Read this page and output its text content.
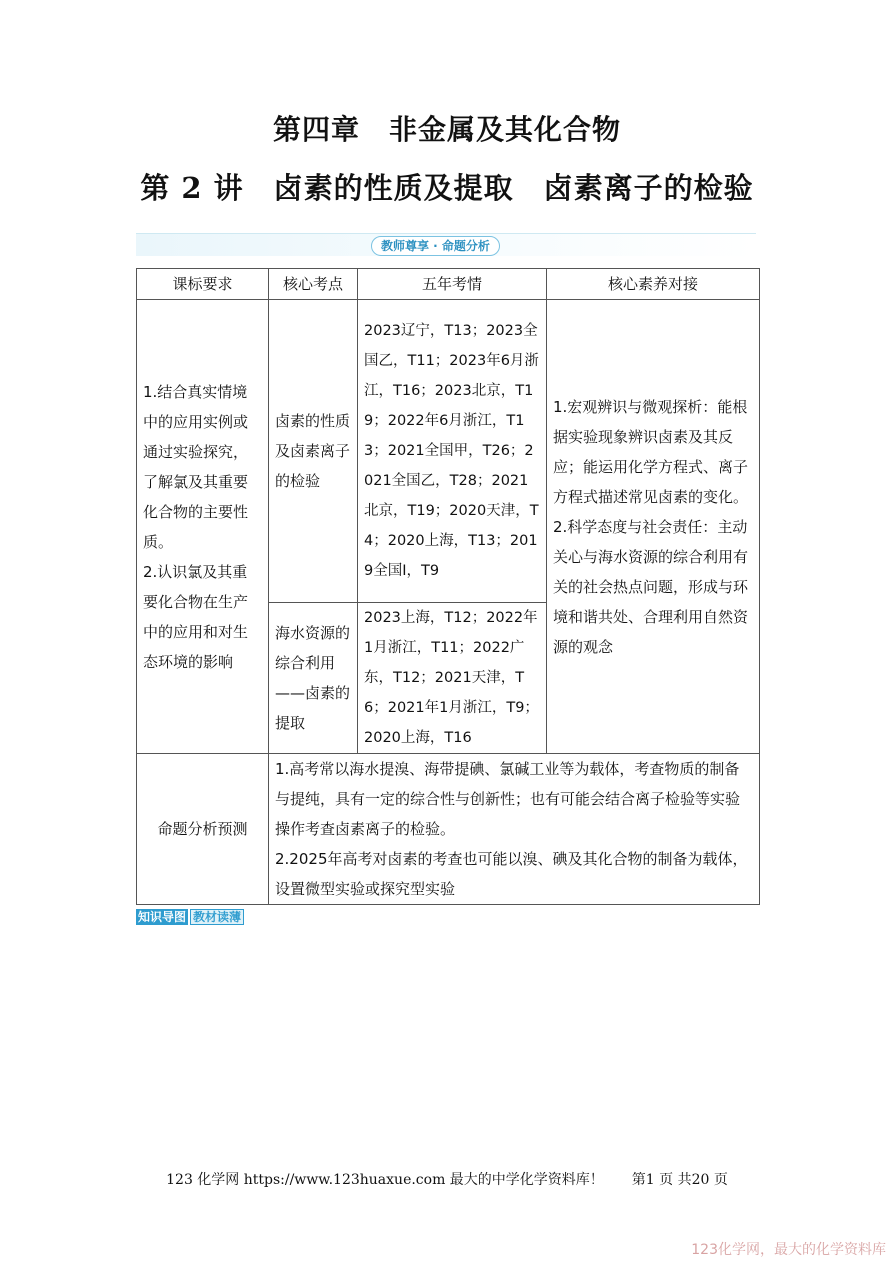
第四章　非金属及其化合物
第 2 讲　卤素的性质及提取　卤素离子的检验
教师尊享 · 命题分析
课标要求	核心考点	五年考情	核心素养对接
1.结合真实情境中的应用实例或通过实验探究，了解氯及其重要化合物的主要性质。
2.认识氯及其重要化合物在生产中的应用和对生态环境的影响	卤素的性质及卤素离子的检验	2023辽宁，T13；2023全国乙，T11；2023年6月浙江，T16；2023北京，T19；2022年6月浙江，T13；2021全国甲，T26；2021全国乙，T28；2021北京，T19；2020天津，T4；2020上海，T13；2019全国Ⅰ，T9	1.宏观辨识与微观探析：能根据实验现象辨识卤素及其反应；能运用化学方程式、离子方程式描述常见卤素的变化。
2.科学态度与社会责任：主动关心与海水资源的综合利用有关的社会热点问题，形成与环境和谐共处、合理利用自然资源的观念
	海水资源的综合利用——卤素的提取	2023上海，T12；2022年1月浙江，T11；2022广东，T12；2021天津，T6；2021年1月浙江，T9；2020上海，T16	
命题分析预测	1.高考常以海水提溴、海带提碘、氯碱工业等为载体，考查物质的制备与提纯，具有一定的综合性与创新性；也有可能会结合离子检验等实验操作考查卤素离子的检验。
2.2025年高考对卤素的考查也可能以溴、碘及其化合物的制备为载体，设置微型实验或探究型实验		
知识导图 教材读薄
123 化学网 https://www.123huaxue.com 最大的中学化学资料库！　　第1 页 共20 页
123化学网，最大的化学资料库
